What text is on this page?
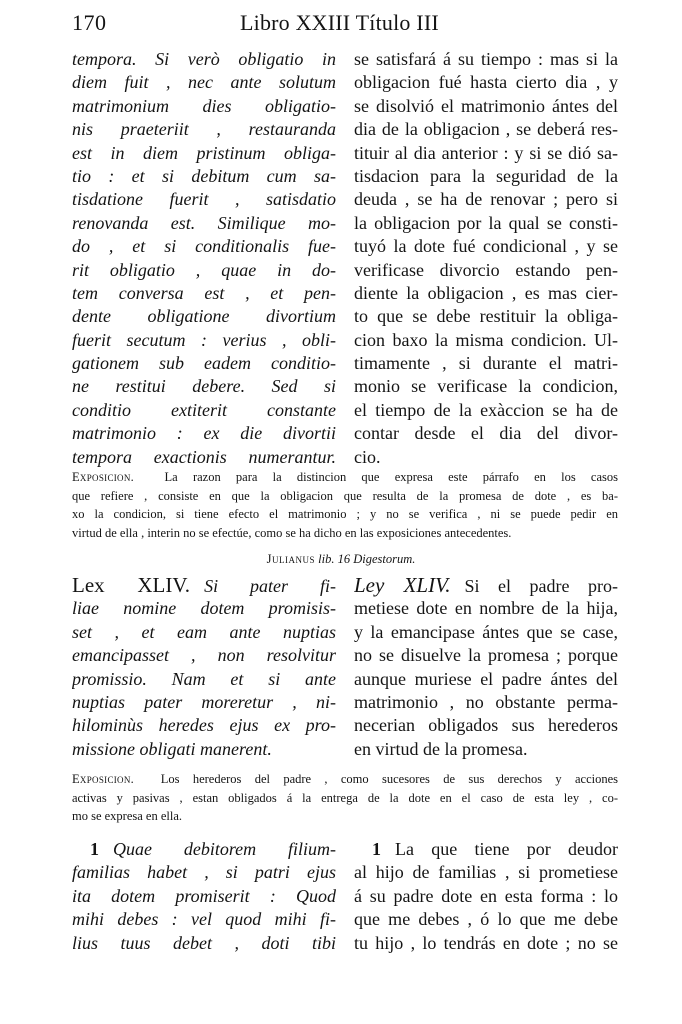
170	Libro XXIII Título III
tempora. Si verò obligatio in
diem fuit , nec ante solutum
matrimonium dies obligatio-
nis praeteriit , restauranda
est in diem pristinum obliga-
tio : et si debitum cum sa-
tisdatione fuerit , satisdatio
renovanda est. Similique mo-
do , et si conditionalis fue-
rit obligatio , quae in do-
tem conversa est , et pen-
dente obligatione divortium
fuerit secutum : verius , obli-
gationem sub eadem conditio-
ne restitui debere. Sed si
conditio extiterit constante
matrimonio : ex die divortii
tempora exactionis numerantur.
se satisfará á su tiempo : mas si la
obligacion fué hasta cierto dia , y
se disolvió el matrimonio ántes del
dia de la obligacion , se deberá res-
tituir al dia anterior : y si se dió sa-
tisdacion para la seguridad de la
deuda , se ha de renovar ; pero si
la obligacion por la qual se consti-
tuyó la dote fué condicional , y se
verificase divorcio estando pen-
diente la obligacion , es mas cier-
to que se debe restituir la obliga-
cion baxo la misma condicion. Ul-
timamente , si durante el matri-
monio se verificase la condicion,
el tiempo de la exàccion se ha de
contar desde el dia del divor-
cio.
Exposicion. La razon para la distincion que expresa este párrafo en los casos
que refiere , consiste en que la obligacion que resulta de la promesa de dote , es ba-
xo la condicion, si tiene efecto el matrimonio ; y no se verifica , ni se puede pedir en
virtud de ella , interin no se efectúe, como se ha dicho en las exposiciones antecedentes.
Julianus lib. 16 Digestorum.
Lex XLIV. Si pater fi-
liae nomine dotem promisis-
set , et eam ante nuptias
emancipasset , non resolvitur
promissio. Nam et si ante
nuptias pater moreretur , ni-
hilominùs heredes ejus ex pro-
missione obligati manerent.
Ley XLIV. Si el padre pro-
metiese dote en nombre de la hija,
y la emancipase ántes que se case,
no se disuelve la promesa ; porque
aunque muriese el padre ántes del
matrimonio , no obstante perma-
necerian obligados sus herederos
en virtud de la promesa.
Exposicion. Los herederos del padre , como sucesores de sus derechos y acciones
activas y pasivas , estan obligados á la entrega de la dote en el caso de esta ley , co-
mo se expresa en ella.
1 Quae debitorem filium-
familias habet , si patri ejus
ita dotem promiserit : Quod
mihi debes : vel quod mihi fi-
lius tuus debet , doti tibi
1 La que tiene por deudor
al hijo de familias , si prometiese
á su padre dote en esta forma : lo
que me debes , ó lo que me debe
tu hijo , lo tendrás en dote ; no se
